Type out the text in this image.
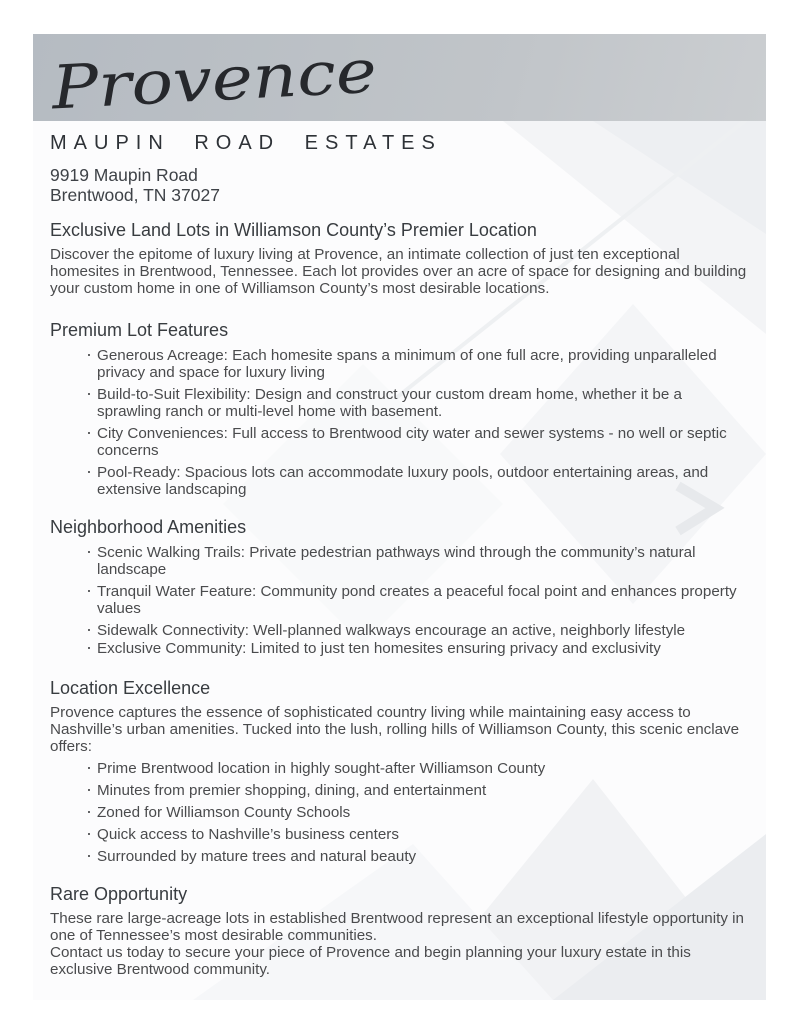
Provence
MAUPIN ROAD ESTATES
9919 Maupin Road
Brentwood, TN 37027
Exclusive Land Lots in Williamson County’s Premier Location

Discover the epitome of luxury living at Provence, an intimate collection of just ten exceptional homesites in Brentwood, Tennessee. Each lot provides over an acre of space for designing and building your custom home in one of Williamson County’s most desirable locations.

Premium Lot Features
· Generous Acreage: Each homesite spans a minimum of one full acre, providing unparalleled privacy and space for luxury living
· Build-to-Suit Flexibility: Design and construct your custom dream home, whether it be a sprawling ranch or multi-level home with basement.
· City Conveniences: Full access to Brentwood city water and sewer systems - no well or septic concerns
· Pool-Ready: Spacious lots can accommodate luxury pools, outdoor entertaining areas, and extensive landscaping
Neighborhood Amenities
· Scenic Walking Trails: Private pedestrian pathways wind through the community’s natural landscape
· Tranquil Water Feature: Community pond creates a peaceful focal point and enhances property values
· Sidewalk Connectivity: Well-planned walkways encourage an active, neighborly lifestyle
· Exclusive Community: Limited to just ten homesites ensuring privacy and exclusivity
Location Excellence

Provence captures the essence of sophisticated country living while maintaining easy access to Nashville’s urban amenities. Tucked into the lush, rolling hills of Williamson County, this scenic enclave offers:

· Prime Brentwood location in highly sought-after Williamson County
· Minutes from premier shopping, dining, and entertainment
· Zoned for Williamson County Schools
· Quick access to Nashville’s business centers
· Surrounded by mature trees and natural beauty
Rare Opportunity

These rare large-acreage lots in established Brentwood represent an exceptional lifestyle opportunity in one of Tennessee’s most desirable communities.

Contact us today to secure your piece of Provence and begin planning your luxury estate in this exclusive Brentwood community.
